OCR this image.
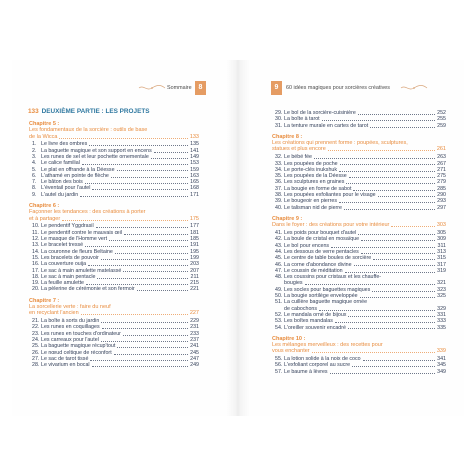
Sommaire 8	9	60 idées magiques pour sorcières créatives
133 DEUXIÈME PARTIE : LES PROJETS
Chapitre 5 :
Les fondamentaux de la sorcière : outils de base
de la Wicca	133
1. Le livre des ombres	135
2. La baguette magique et son support en encens	141
3. Les runes de sel et leur pochette ornementale	149
4. Le calice familial	153
5. Le plat en offrande à la Déesse	159
6. L'athamé en pointe de flèche	163
7. Le bâton des bois	165
8. L'éventail pour l'autel	168
9. L'autel du jardin	171
Chapitre 6 :
Façonner les tendances : des créations à porter
et à partager	175
10. Le pendentif Yggdrasil	177
11. Le pendentif contre le mauvais œil	181
12. Le masque de l'Homme vert	185
13. Le bracelet tressé	191
14. La couronne de fleurs Beltaine	195
15. Les bracelets de pouvoir	199
16. La couverture ouija	203
17. Le sac à main amulette matelassé	207
18. Le sac à main pentacle	211
19. La feuille amulette	215
20. La pèlerine de cérémonie et son fermoir	221
Chapitre 7 :
La sorcellerie verte : faire du neuf
en recyclant l'ancien	227
21. La boîte à sorts du jardin	229
22. Les runes en coquillages	231
23. Les runes en touches d'ordinateur	233
24. Les carreaux pour l'autel	237
25. La baguette magique récup'tout	241
26. Le nœud celtique de réconfort	245
27. Le sac de tarot tissé	247
28. Le vivarium en bocal	249
29. Le bol de la sorcière-cuisinière	252
30. La boîte à tarot	255
31. La tenture murale en cartes de tarot	259
Chapitre 8 :
Les créations qui prennent forme : poupées, sculptures,
statues et plus encore	261
32. Le bébé fée	263
33. Les poupées de poche	267
34. Le porte-clés inukshuk	271
35. Les poupées de la Déesse	275
36. Les sculptures en graines	279
37. La bougie en forme de sabot	285
38. Les poupées exfoliantes pour le visage	290
39. Le bougeoir en pierres	293
40. Le talisman nid de pierre	297
Chapitre 9 :
Dans le foyer : des créations pour votre intérieur	303
41. Les poids pour bouquet d'autel	305
42. La boule de cristal en mosaïque	309
43. Le bol pour encens	311
44. Les dessous de verre pentacles	313
45. Le centre de table boules de sorcière	315
46. La corne d'abondance divine	317
47. Le coussin de méditation	319
48. Les coussins pour cristaux et les chauffe-
bougies	321
49. Les socles pour baguettes magiques	323
50. La bougie sortilège enveloppée	325
51. La cuillère baguette magique ornée
de cabochons	329
52. Le mandala orné de bijoux	331
53. Les boîtes mandalas	333
54. L'oreiller souvenir encadré	335
Chapitre 10 :
Les mélanges merveilleux : des recettes pour
vous enchanter	339
55. La lotion solide à la noix de coco	341
56. L'exfoliant corporel au sucre	345
57. Le baume à lèvres	349
